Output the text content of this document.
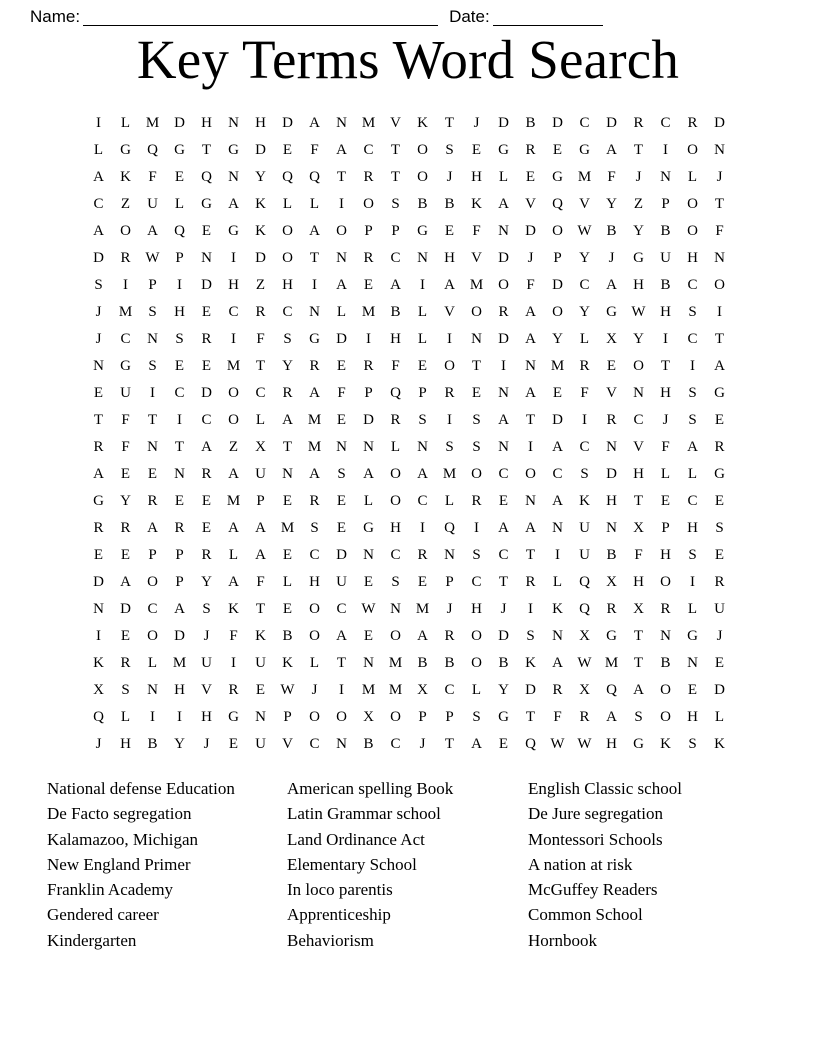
Name:	Date:
Key Terms Word Search
I	L	M D	H	N	H	D	A	N M V	K	T	J	D	B	D	C	D	R	C	R	D
L	G	Q	G	T	G	D	E	F	A	C	T	O	S	E	G	R	E	G	A	T	I	O	N
A	K	F	E	Q	N	Y	Q	Q	T	R	T	O	J	H	L	E	G M	F	J	N	L	J
C	Z	U	L	G	A	K	L	L	I	O	S	B	B	K	A	V	Q	V	Y	Z	P	O	T
A	O	A	Q	E	G	K	O	A	O	P	P	G	E	F	N	D	O W B	Y	B	O	F
D	R W	P	N	I	D	O	T	N	R	C	N	H	V	D	J	P	Y	J	G	U	H	N
S	I	P	I	D	H	Z	H	I	A	E	A	I	A M O	F	D	C	A	H	B	C	O
J	M	S	H	E	C	R	C	N	L	M	B	L	V	O	R	A	O	Y	G W H	S	I
J	C	N	S	R	I	F	S	G	D	I	H	L	I	N	D	A	Y	L	X	Y	I	C	T
N	G	S	E	E	M	T	Y	R	E	R	F	E	O	T	I	N M	R	E	O	T	I	A
E	U	I	C	D	O	C	R	A	F	P	Q	P	R	E	N	A	E	F	V	N	H	S	G
T	F	T	I	C	O	L	A M	E	D	R	S	I	S	A	T	D	I	R	C	J	S	E
R	F	N	T	A	Z	X	T	M N	N	L	N	S	S	N	I	A	C	N	V	F	A	R
A	E	E	N	R	A	U	N	A	S	A	O	A M O	C	O	C	S	D	H	L	L	G
G	Y	R	E	E	M	P	E	R	E	L	O	C	L	R	E	N	A	K	H	T	E	C	E
R	R	A	R	E	A	A M	S	E	G	H	I	Q	I	A	A	N	U	N	X	P	H	S
E	E	P	P	R	L	A	E	C	D	N	C	R	N	S	C	T	I	U	B	F	H	S	E
D	A	O	P	Y	A	F	L	H	U	E	S	E	P	C	T	R	L	Q	X	H	O	I	R
N	D	C	A	S	K	T	E	O	C W N M	J	H	J	I	K	Q	R	X	R	L	U
I	E	O	D	J	F	K	B	O	A	E	O	A	R	O	D	S	N	X	G	T	N	G	J
K	R	L	M U	I	U	K	L	T	N M	B	B	O	B	K	A W M	T	B	N	E
X	S	N	H	V	R	E	W	J	I	M M X	C	L	Y	D	R	X	Q	A	O	E	D
Q	L	I	I	H	G	N	P	O	O	X	O	P	P	S	G	T	F	R	A	S	O	H	L
J	H	B	Y	J	E	U	V	C	N	B	C	J	T	A	E	Q W W H	G	K	S	K
National defense Education
De Facto segregation
Kalamazoo, Michigan
New England Primer
Franklin Academy
Gendered career
Kindergarten
American spelling Book
Latin Grammar school
Land Ordinance Act
Elementary School
In loco parentis
Apprenticeship
Behaviorism
English Classic school
De Jure segregation
Montessori Schools
A nation at risk
McGuffey Readers
Common School
Hornbook
